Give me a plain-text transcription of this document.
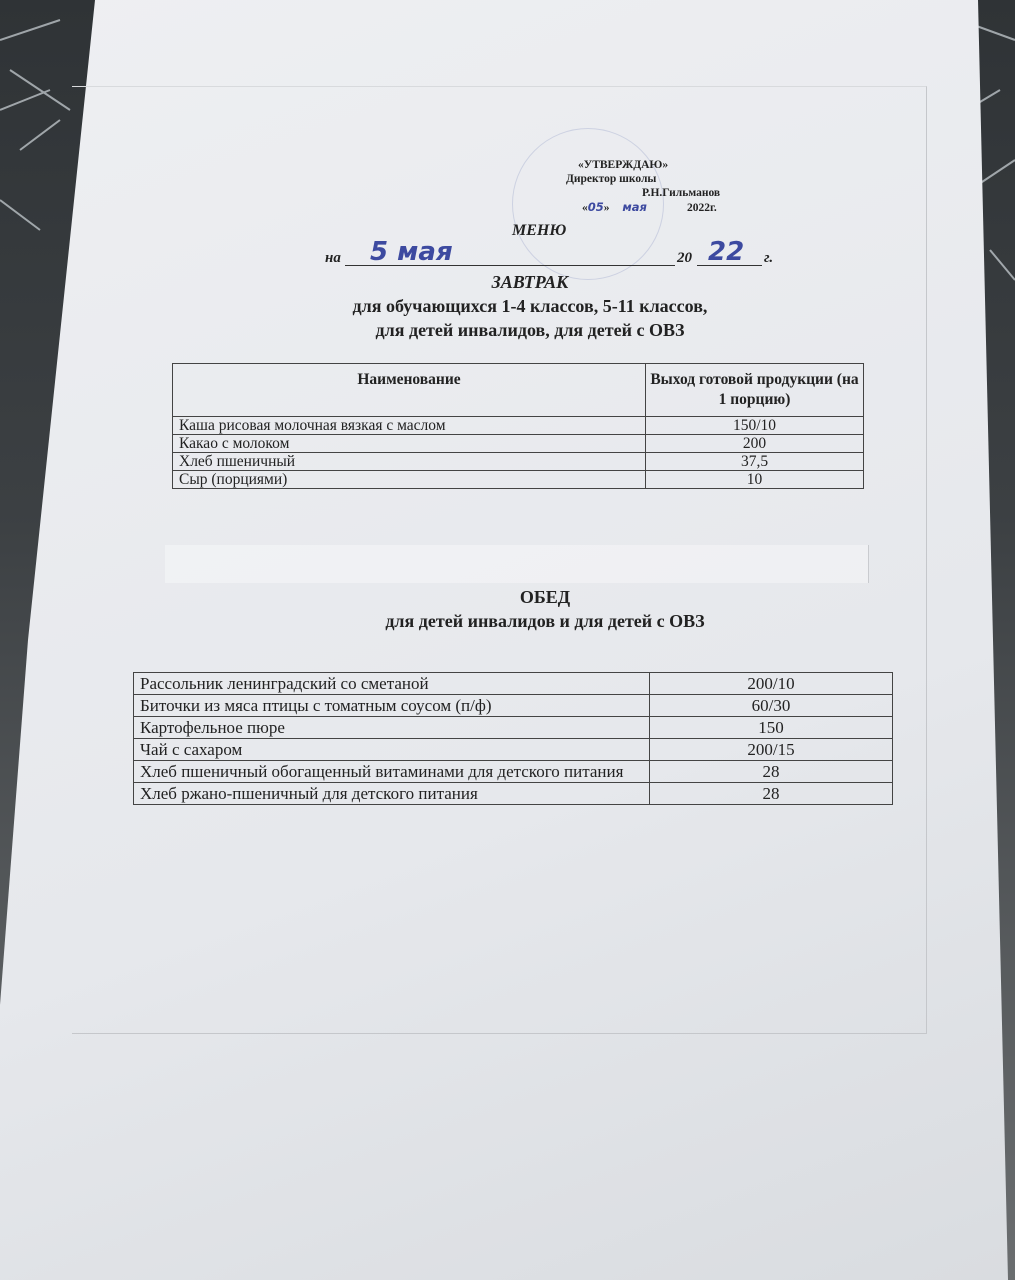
«УТВЕРЖДАЮ»
Директор школы
Р.Н.Гильманов
«05» мая	2022г.
МЕНЮ
на 5 мая	20 22 г.
ЗАВТРАК
для обучающихся 1-4 классов, 5-11 классов,
для детей инвалидов, для детей с ОВЗ
Наименование	Выход готовой продукции (на 1 порцию)
Каша рисовая молочная вязкая с маслом	150/10
Какао с молоком	200
Хлеб пшеничный	37,5
Сыр (порциями)	10
ОБЕД
для детей инвалидов и для детей с ОВЗ
Рассольник ленинградский со сметаной	200/10
Биточки из мяса птицы с томатным соусом (п/ф)	60/30
Картофельное пюре	150
Чай с сахаром	200/15
Хлеб пшеничный обогащенный витаминами для детского питания	28
Хлеб ржано-пшеничный для детского питания	28
